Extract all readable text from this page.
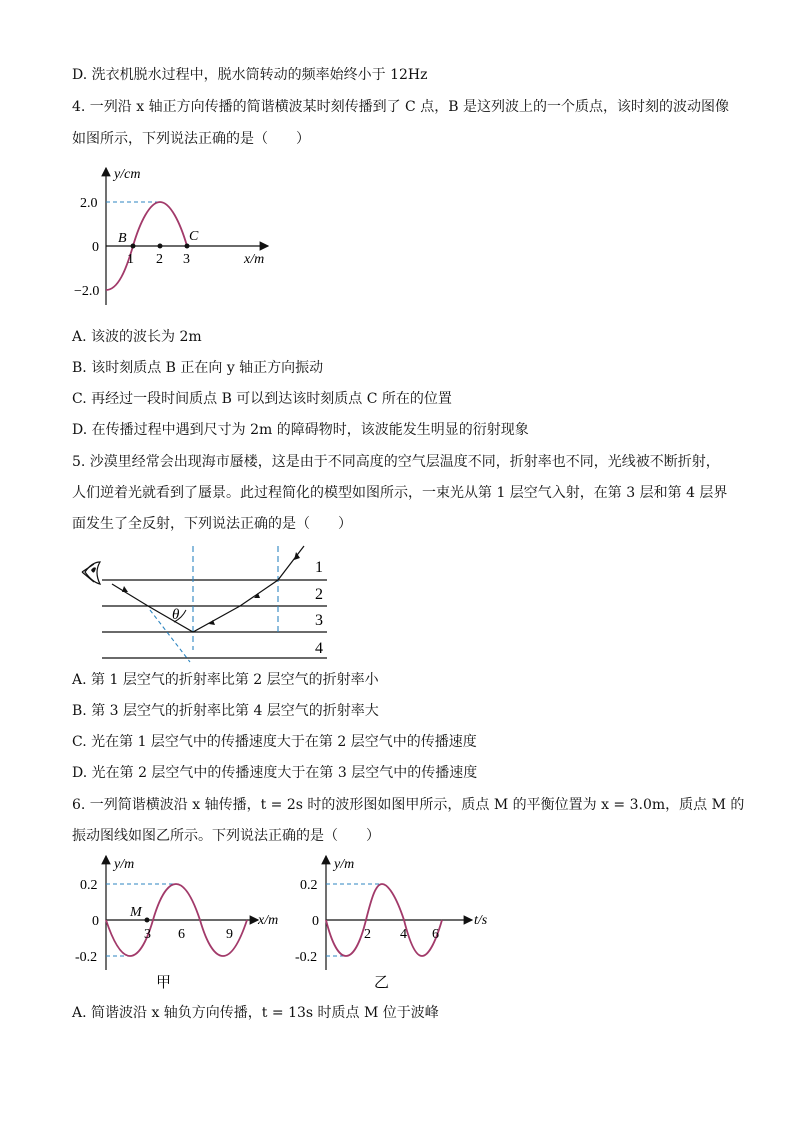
D. 洗衣机脱水过程中，脱水筒转动的频率始终小于 12Hz
4. 一列沿 x 轴正方向传播的简谐横波某时刻传播到了 C 点，B 是这列波上的一个质点，该时刻的波动图像
如图所示，下列说法正确的是（　　）
y/cm
x/m
2.0
0
−2.0
1 2 3
B	C
A. 该波的波长为 2m
B. 该时刻质点 B 正在向 y 轴正方向振动
C. 再经过一段时间质点 B 可以到达该时刻质点 C 所在的位置
D. 在传播过程中遇到尺寸为 2m 的障碍物时，该波能发生明显的衍射现象
5. 沙漠里经常会出现海市蜃楼，这是由于不同高度的空气层温度不同，折射率也不同，光线被不断折射，
人们逆着光就看到了蜃景。此过程简化的模型如图所示，一束光从第 1 层空气入射，在第 3 层和第 4 层界
面发生了全反射，下列说法正确的是（　　）
θ
1
2
3
4
A. 第 1 层空气的折射率比第 2 层空气的折射率小
B. 第 3 层空气的折射率比第 4 层空气的折射率大
C. 光在第 1 层空气中的传播速度大于在第 2 层空气中的传播速度
D. 光在第 2 层空气中的传播速度大于在第 3 层空气中的传播速度
6. 一列简谐横波沿 x 轴传播，t = 2s 时的波形图如图甲所示，质点 M 的平衡位置为 x = 3.0m，质点 M 的
振动图线如图乙所示。下列说法正确的是（　　）
y/m
x/m
0.2
0
-0.2
3 6	9
M
甲
y/m
t/s
0.2
0
-0.2
2 4 6
乙
A. 简谐波沿 x 轴负方向传播，t = 13s 时质点 M 位于波峰
